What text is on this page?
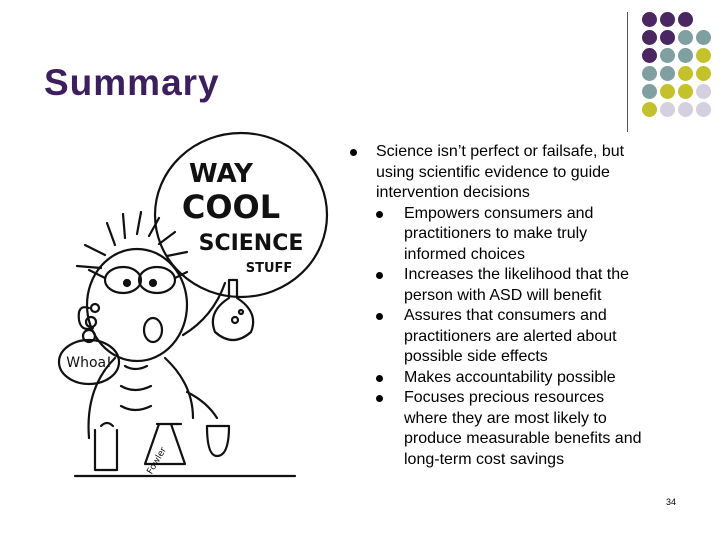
Summary
WAY
COOL
SCIENCE
STUFF
Whoa!
Fowler
Science isn’t perfect or failsafe, but using scientific evidence to guide intervention decisions
Empowers consumers and practitioners to make truly informed choices
Increases the likelihood that the person with ASD will benefit
Assures that consumers and practitioners are alerted about possible side effects
Makes accountability possible
Focuses precious resources where they are most likely to produce measurable benefits and long-term cost savings
34
